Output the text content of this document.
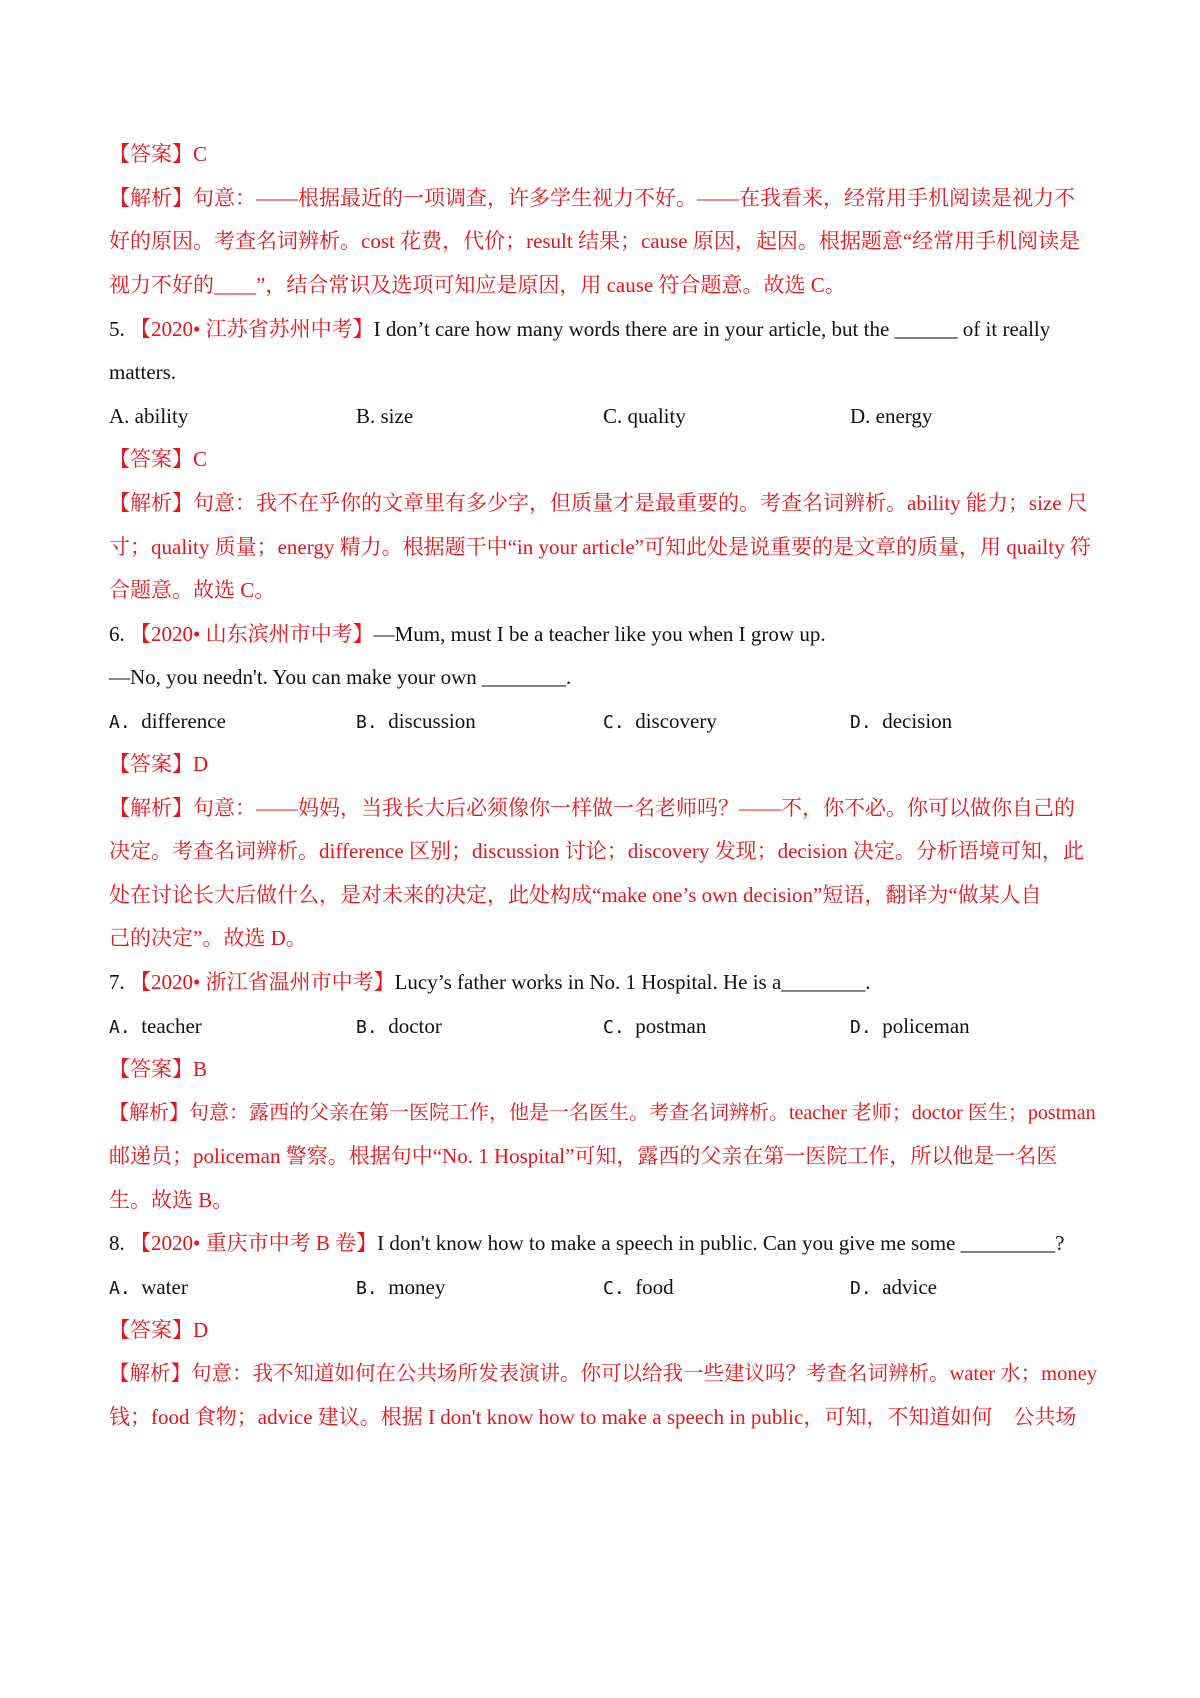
【答案】C
【解析】句意：——根据最近的一项调查，许多学生视力不好。——在我看来，经常用手机阅读是视力不
好的原因。考查名词辨析。cost 花费，代价；result 结果；cause 原因，起因。根据题意“经常用手机阅读是
视力不好的____”，结合常识及选项可知应是原因，用 cause 符合题意。故选 C。
5. 【2020• 江苏省苏州中考】I don’t care how many words there are in your article, but the ______ of it really
matters.
A. ability	B. size	C. quality	D. energy
【答案】C
【解析】句意：我不在乎你的文章里有多少字，但质量才是最重要的。考查名词辨析。ability 能力；size 尺
寸；quality 质量；energy 精力。根据题干中“in your article”可知此处是说重要的是文章的质量，用 quailty 符
合题意。故选 C。
6. 【2020• 山东滨州市中考】—Mum, must I be a teacher like you when I grow up.
—No, you needn't. You can make your own ________.
A. difference	B. discussion	C. discovery	D. decision
【答案】D
【解析】句意：——妈妈，当我长大后必须像你一样做一名老师吗？——不，你不必。你可以做你自己的
决定。考查名词辨析。difference 区别；discussion 讨论；discovery 发现；decision 决定。分析语境可知，此
处在讨论长大后做什么，是对未来的决定，此处构成“make one’s own decision”短语，翻译为“做某人自
己的决定”。故选 D。
7. 【2020• 浙江省温州市中考】Lucy’s father works in No. 1 Hospital. He is a________.
A. teacher	B. doctor	C. postman	D. policeman
【答案】B
【解析】句意：露西的父亲在第一医院工作，他是一名医生。考查名词辨析。teacher 老师；doctor 医生；postman
邮递员；policeman 警察。根据句中“No. 1 Hospital”可知，露西的父亲在第一医院工作，所以他是一名医
生。故选 B。
8. 【2020• 重庆市中考 B 卷】I don't know how to make a speech in public. Can you give me some _________?
A. water	B. money	C. food	D. advice
【答案】D
【解析】句意：我不知道如何在公共场所发表演讲。你可以给我一些建议吗？考查名词辨析。water 水；money
钱；food 食物；advice 建议。根据 I don't know how to make a speech in public，可知，不知道如何　公共场
